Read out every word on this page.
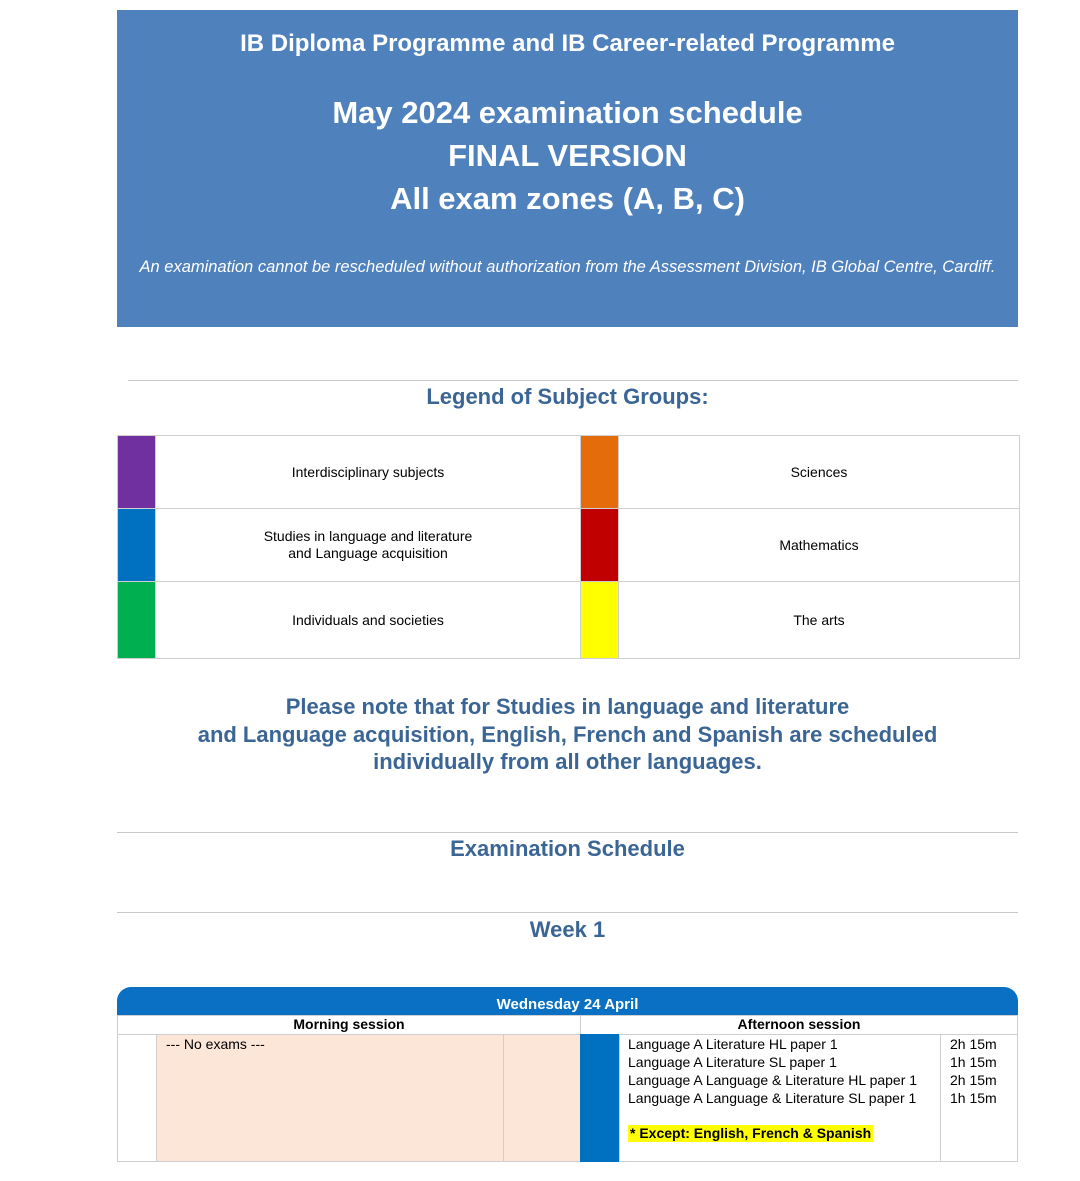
IB Diploma Programme and IB Career-related Programme
May 2024 examination schedule
FINAL VERSION
All exam zones (A, B, C)
An examination cannot be rescheduled without authorization from the Assessment Division, IB Global Centre, Cardiff.
Legend of Subject Groups:
	Interdisciplinary subjects		Sciences

	Studies in language and literature
and Language acquisition		Mathematics
	Individuals and societies		The arts
Please note that for Studies in language and literature
and Language acquisition, English, French and Spanish are scheduled
individually from all other languages.
Examination Schedule
Week 1
Wednesday 24 April
Morning session	Afternoon session
--- No exams ---	Language A Literature HL paper 1	2h 15m
Language A Literature SL paper 1	1h 15m
Language A Language & Literature HL paper 1 2h 15m
Language A Language & Literature SL paper 1 1h 15m
* Except: English, French & Spanish
